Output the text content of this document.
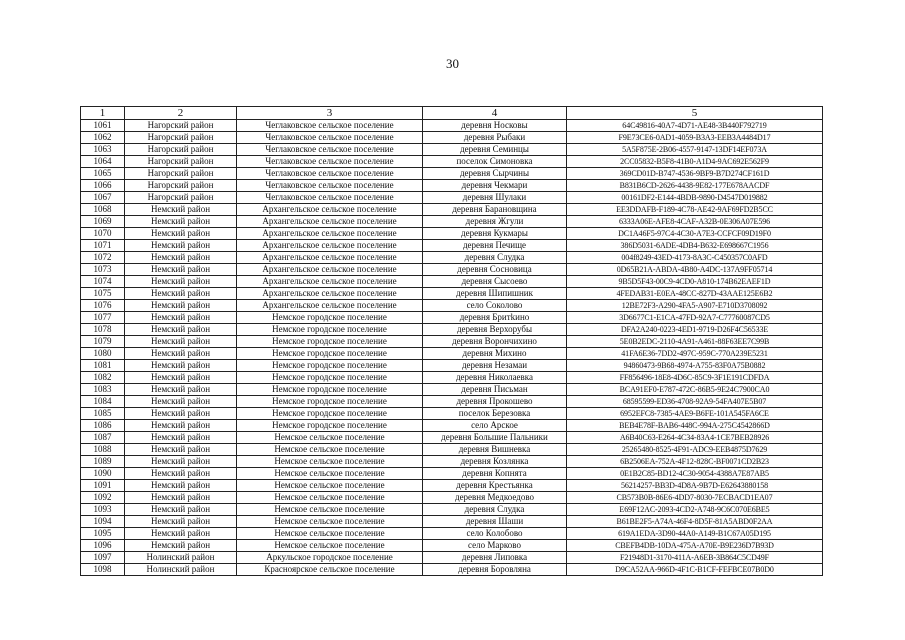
30
1	2	3	4	5
1061	Нагорский район	Чеглаковское сельское поселение	деревня Носковы	64C49816-40A7-4D71-AE48-3B440F792719
1062	Нагорский район	Чеглаковское сельское поселение	деревня Рыбаки	F9E73CE6-0AD1-4059-B3A3-EEB3A4484D17
1063	Нагорский район	Чеглаковское сельское поселение	деревня Семинцы	5A5F875E-2B06-4557-9147-13DF14EF073A
1064	Нагорский район	Чеглаковское сельское поселение	поселок Симоновка	2CC05832-B5F8-41B0-A1D4-9AC692E562F9
1065	Нагорский район	Чеглаковское сельское поселение	деревня Сырчины	369CD01D-B747-4536-9BF9-B7D274CF161D
1066	Нагорский район	Чеглаковское сельское поселение	деревня Чекмари	B831B6CD-2626-4438-9E82-177E678AACDF
1067	Нагорский район	Чеглаковское сельское поселение	деревня Шулаки	00161DF2-E144-4BDB-9890-D4547D019882
1068	Немский район	Архангельское сельское поселение	деревня Барановщина	EE3DDAFB-F189-4C78-AE42-9AF69FD2B5CC
1069	Немский район	Архангельское сельское поселение	деревня Жгули	6333A06E-AFE8-4CAF-A32B-0E306A07E596
1070	Немский район	Архангельское сельское поселение	деревня Кукмары	DC1A46F5-97C4-4C30-A7E3-CCFCF09D19F0
1071	Немский район	Архангельское сельское поселение	деревня Печище	386D5031-6ADE-4DB4-B632-E698667C1956
1072	Немский район	Архангельское сельское поселение	деревня Слудка	004f8249-43ED-4173-8A3C-C450357C0AFD
1073	Немский район	Архангельское сельское поселение	деревня Сосновица	0D65B21A-ABDA-4B80-A4DC-137A9FF05714
1074	Немский район	Архангельское сельское поселение	деревня Сысоево	9B5D5F43-00C9-4CD0-A810-174B62EAEF1D
1075	Немский район	Архангельское сельское поселение	деревня Шипишник	4FEDAB31-E0EA-48CC-827D-43AAE125E6B2
1076	Немский район	Архангельское сельское поселение	село Соколово	12BE72F3-A290-4FA5-A907-E710D3708092
1077	Немский район	Немское городское поселение	деревня Бритkино	3D6677C1-E1CA-47FD-92A7-C77760087CD5
1078	Немский район	Немское городское поселение	деревня Верхорубы	DFA2A240-0223-4ED1-9719-D26F4C56533E
1079	Немский район	Немское городское поселение	деревня Ворончихино	5E0B2EDC-2110-4A91-A461-88F63EE7C99B
1080	Немский район	Немское городское поселение	деревня Михино	41FA6E36-7DD2-497C-959C-770A239E5231
1081	Немский район	Немское городское поселение	деревня Незамаи	94860473-9B68-4974-A755-83F0A75B0882
1082	Немский район	Немское городское поселение	деревня Николаевка	FF856496-18E8-4D6C-85C9-3F1E191CDFDA
1083	Немский район	Немское городское поселение	деревня Письман	BCA91EF0-E787-472C-86B5-9E24C7900CA0
1084	Немский район	Немское городское поселение	деревня Прокошево	68595599-ED36-4708-92A9-54FA407E5B07
1085	Немский район	Немское городское поселение	поселок Березовка	6952EFC8-7385-4AE9-B6FE-101A545FA6CE
1086	Немский район	Немское городское поселение	село Арское	BEB4E78F-BAB6-448C-994A-275C4542866D
1087	Немский район	Немское сельское поселение	деревня Большие Пальники	A6B40C63-E264-4C34-83A4-1CE7BEB28926
1088	Немский район	Немское сельское поселение	деревня Вишневка	25265480-8525-4F91-ADC9-EEB4875D7629
1089	Немский район	Немское сельское поселение	деревня Козлянка	6B2506EA-752A-4F12-828C-BF0071CD2B23
1090	Немский район	Немское сельское поселение	деревня Копнята	0E1B2C85-BD12-4C30-9054-4388A7E87AB5
1091	Немский район	Немское сельское поселение	деревня Крестьянка	56214257-BB3D-4D8A-9B7D-E62643880158
1092	Немский район	Немское сельское поселение	деревня Медкоедово	CB573B0B-86E6-4DD7-8030-7ECBACD1EA07
1093	Немский район	Немское сельское поселение	деревня Слудка	E69F12AC-2093-4CD2-A748-9C6C070E6BE5
1094	Немский район	Немское сельское поселение	деревня Шаши	B61BE2F5-A74A-46F4-8D5F-81A5ABD0F2AA
1095	Немский район	Немское сельское поселение	село Колобово	619A1EDA-3D90-44A0-A149-B1C67A05D195
1096	Немский район	Немское сельское поселение	село Марково	CBEFB4DB-10DA-475A-A70E-B9E236D7B93D
1097	Нолинский район	Аркульское городское поселение	деревня Липовка	F21948D1-3170-411A-A6EB-3B864C5CD49F
1098	Нолинский район	Красноярское сельское поселение	деревня Боровляна	D9CA52AA-966D-4F1C-B1CF-FEFBCE07B0D0
